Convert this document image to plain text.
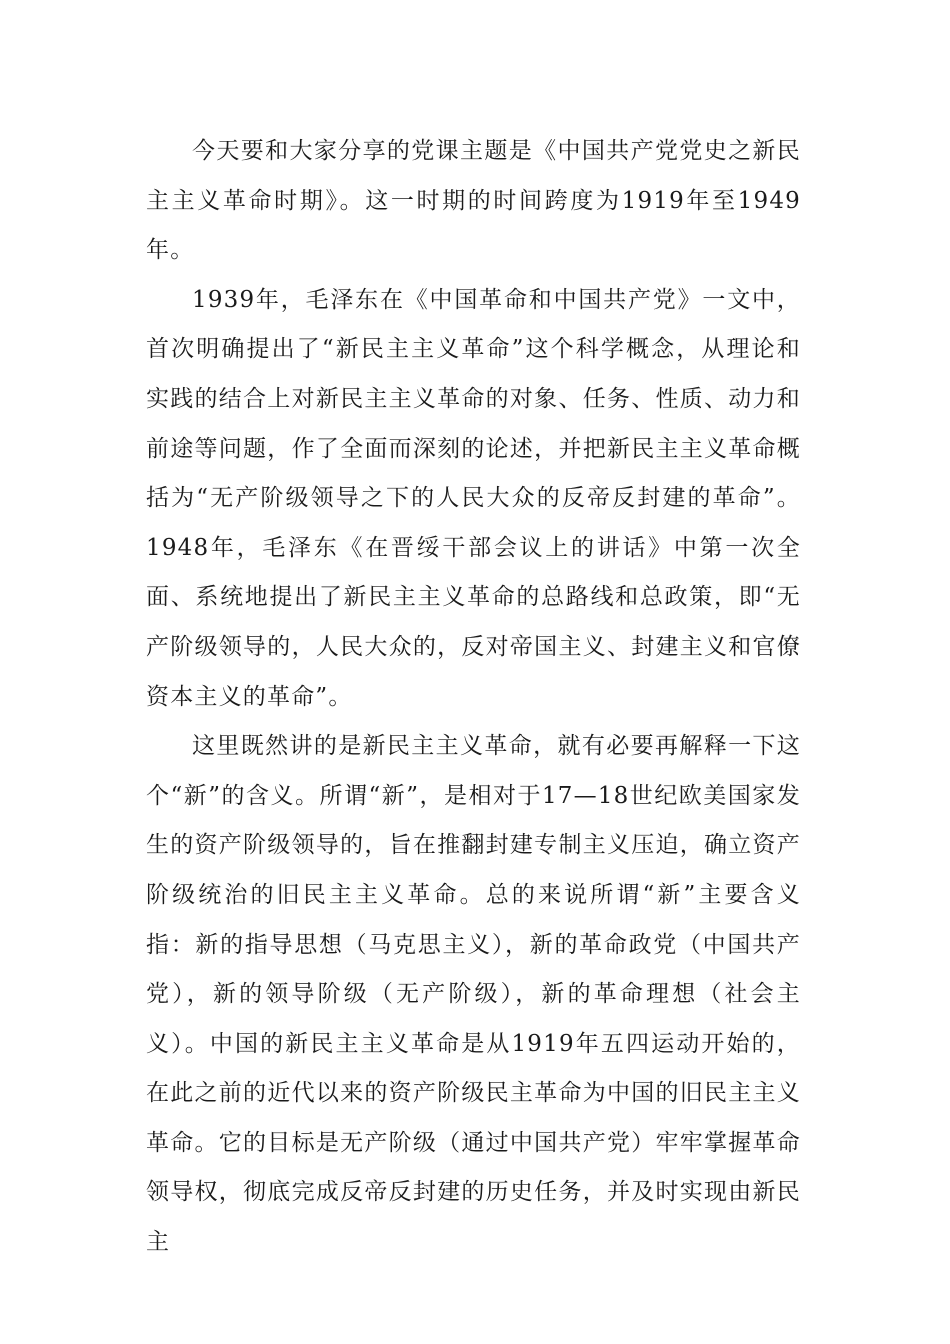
今天要和大家分享的党课主题是《中国共产党党史之新民主主义革命时期》。这一时期的时间跨度为1919年至1949年。

1939年，毛泽东在《中国革命和中国共产党》一文中，首次明确提出了“新民主主义革命”这个科学概念，从理论和实践的结合上对新民主主义革命的对象、任务、性质、动力和前途等问题，作了全面而深刻的论述，并把新民主主义革命概括为“无产阶级领导之下的人民大众的反帝反封建的革命”。1948年，毛泽东《在晋绥干部会议上的讲话》中第一次全面、系统地提出了新民主主义革命的总路线和总政策，即“无产阶级领导的，人民大众的，反对帝国主义、封建主义和官僚资本主义的革命”。

这里既然讲的是新民主主义革命，就有必要再解释一下这个“新”的含义。所谓“新”，是相对于17—18世纪欧美国家发生的资产阶级领导的，旨在推翻封建专制主义压迫，确立资产阶级统治的旧民主主义革命。总的来说所谓“新”主要含义指：新的指导思想（马克思主义），新的革命政党（中国共产党），新的领导阶级（无产阶级），新的革命理想（社会主义）。中国的新民主主义革命是从1919年五四运动开始的，在此之前的近代以来的资产阶级民主革命为中国的旧民主主义革命。它的目标是无产阶级（通过中国共产党）牢牢掌握革命领导权，彻底完成反帝反封建的历史任务，并及时实现由新民主
